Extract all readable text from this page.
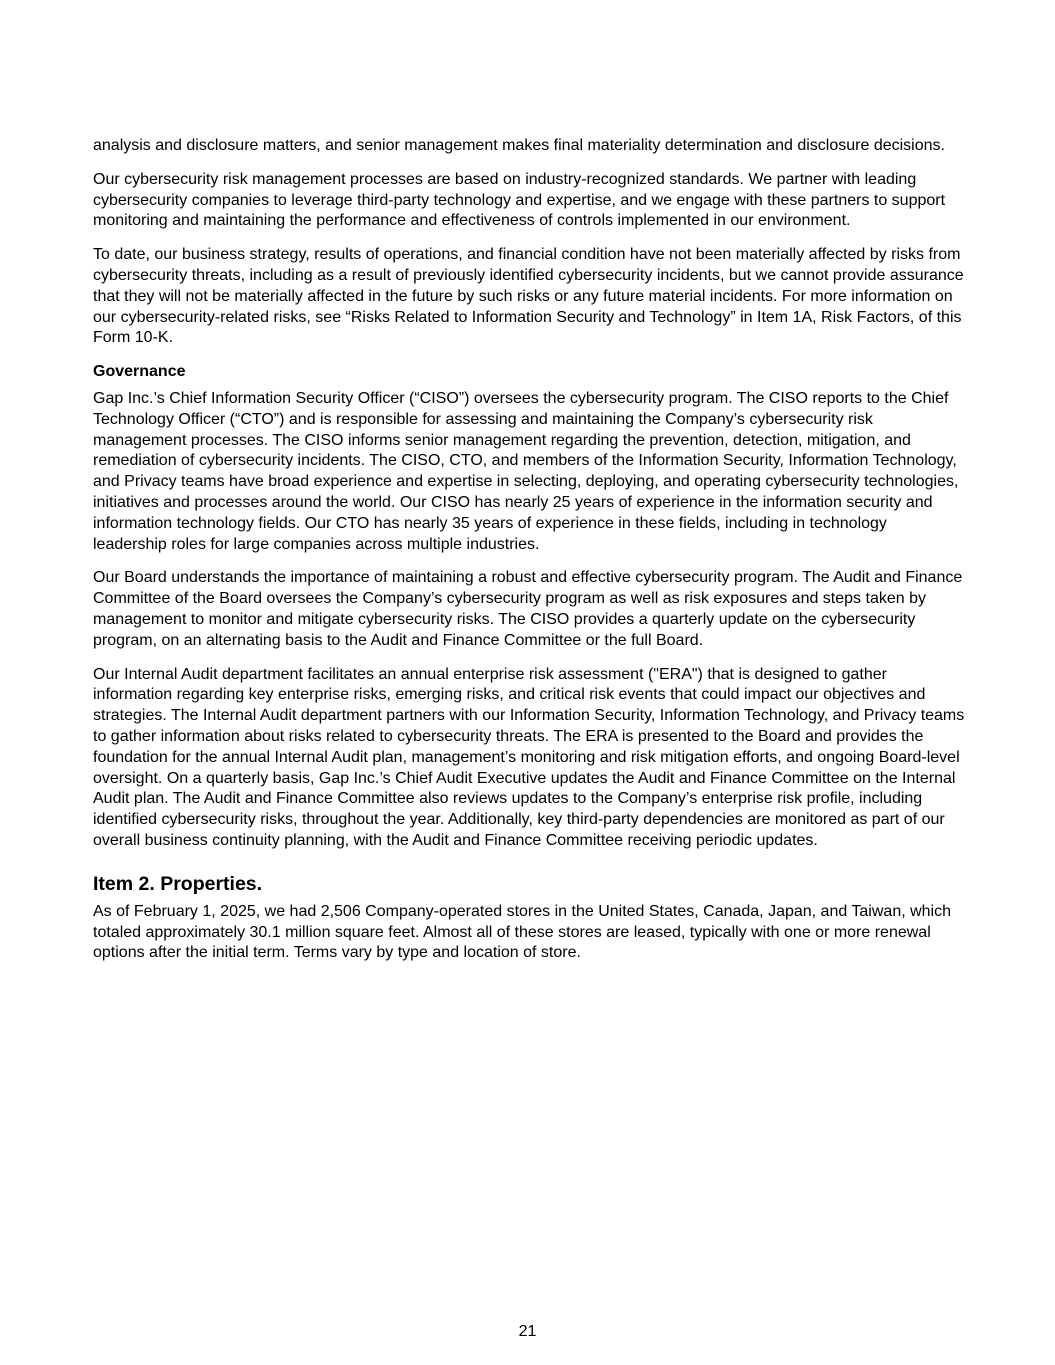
analysis and disclosure matters, and senior management makes final materiality determination and disclosure decisions.

Our cybersecurity risk management processes are based on industry-recognized standards. We partner with leading cybersecurity companies to leverage third-party technology and expertise, and we engage with these partners to support monitoring and maintaining the performance and effectiveness of controls implemented in our environment.

To date, our business strategy, results of operations, and financial condition have not been materially affected by risks from cybersecurity threats, including as a result of previously identified cybersecurity incidents, but we cannot provide assurance that they will not be materially affected in the future by such risks or any future material incidents. For more information on our cybersecurity-related risks, see “Risks Related to Information Security and Technology” in Item 1A, Risk Factors, of this Form 10-K.

Governance

Gap Inc.’s Chief Information Security Officer (“CISO”) oversees the cybersecurity program. The CISO reports to the Chief Technology Officer (“CTO”) and is responsible for assessing and maintaining the Company’s cybersecurity risk management processes. The CISO informs senior management regarding the prevention, detection, mitigation, and remediation of cybersecurity incidents. The CISO, CTO, and members of the Information Security, Information Technology, and Privacy teams have broad experience and expertise in selecting, deploying, and operating cybersecurity technologies, initiatives and processes around the world. Our CISO has nearly 25 years of experience in the information security and information technology fields. Our CTO has nearly 35 years of experience in these fields, including in technology leadership roles for large companies across multiple industries.

Our Board understands the importance of maintaining a robust and effective cybersecurity program. The Audit and Finance Committee of the Board oversees the Company’s cybersecurity program as well as risk exposures and steps taken by management to monitor and mitigate cybersecurity risks. The CISO provides a quarterly update on the cybersecurity program, on an alternating basis to the Audit and Finance Committee or the full Board.

Our Internal Audit department facilitates an annual enterprise risk assessment ("ERA") that is designed to gather information regarding key enterprise risks, emerging risks, and critical risk events that could impact our objectives and strategies. The Internal Audit department partners with our Information Security, Information Technology, and Privacy teams to gather information about risks related to cybersecurity threats. The ERA is presented to the Board and provides the foundation for the annual Internal Audit plan, management’s monitoring and risk mitigation efforts, and ongoing Board-level oversight. On a quarterly basis, Gap Inc.’s Chief Audit Executive updates the Audit and Finance Committee on the Internal Audit plan. The Audit and Finance Committee also reviews updates to the Company’s enterprise risk profile, including identified cybersecurity risks, throughout the year. Additionally, key third-party dependencies are monitored as part of our overall business continuity planning, with the Audit and Finance Committee receiving periodic updates.

Item 2. Properties.

As of February 1, 2025, we had 2,506 Company-operated stores in the United States, Canada, Japan, and Taiwan, which totaled approximately 30.1 million square feet. Almost all of these stores are leased, typically with one or more renewal options after the initial term. Terms vary by type and location of store.

21
